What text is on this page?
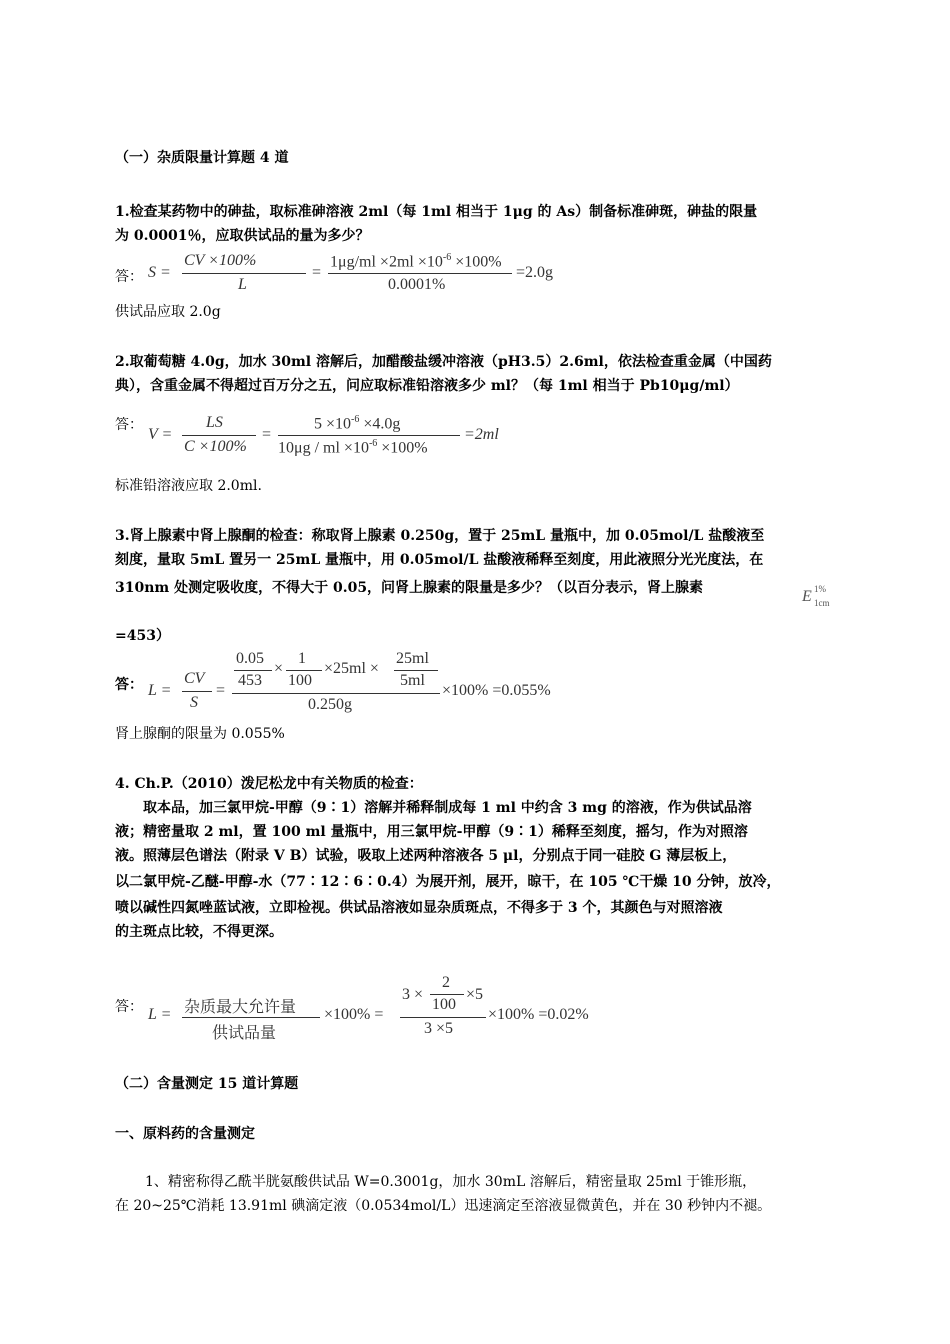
（一）杂质限量计算题 4 道
1.检查某药物中的砷盐，取标准砷溶液 2ml（每 1ml 相当于 1μg 的 As）制备标准砷斑，砷盐的限量
为 0.0001％，应取供试品的量为多少？
答： S =
CV ×100%
L
=
$1\mu g/ml \times 2ml \times 10^{-6} \times 100\%$
0.0001%
=2.0g
供试品应取 2.0g
2.取葡萄糖 4.0g，加水 30ml 溶解后，加醋酸盐缓冲溶液（pH3.5）2.6ml，依法检查重金属（中国药
典），含重金属不得超过百万分之五，问应取标准铅溶液多少 ml？（每 1ml 相当于 Pb10μg/ml）
答：
V =
LS
C ×100%
=
$5 \times 10^{-6} \times 4.0g$
10μg / ml $\times 10^{-6} \times 100\%$
=2ml
标准铅溶液应取 2.0ml.
3.肾上腺素中肾上腺酮的检查：称取肾上腺素 0.250g，置于 25mL 量瓶中，加 0.05mol/L 盐酸液至
刻度，量取 5mL 置另一 25mL 量瓶中，用 0.05mol/L 盐酸液稀释至刻度，用此液照分光光度法，在
310nm 处测定吸收度，不得大于 0.05，问肾上腺素的限量是多少？（以百分表示，肾上腺素	E 1%
1cm
=453）
答： L =
CV
S
=
0.05
453
×
1
100
×25ml ×
25ml
5ml
0.250g
×100% =0.055%
肾上腺酮的限量为 0.055%
4. Ch.P.（2010）泼尼松龙中有关物质的检查：
取本品，加三氯甲烷-甲醇（9∶1）溶解并稀释制成每 1 ml 中约含 3 mg 的溶液，作为供试品溶
液；精密量取 2 ml，置 100 ml 量瓶中，用三氯甲烷-甲醇（9∶1）稀释至刻度，摇匀，作为对照溶
液。照薄层色谱法（附录 V B）试验，吸取上述两种溶液各 5 μl，分别点于同一硅胶 G 薄层板上，
以二氯甲烷-乙醚-甲醇-水（77∶12∶6∶0.4）为展开剂，展开，晾干，在 105 ℃干燥 10 分钟，放冷，
喷以碱性四氮唑蓝试液，立即检视。供试品溶液如显杂质斑点，不得多于 3 个，其颜色与对照溶液
的主斑点比较，不得更深。
答： L = 杂质最大允许量
供试品量
×100% =
3 ×
2
100
×5
3 ×5
×100% =0.02%
（二）含量测定 15 道计算题
一、原料药的含量测定
1、精密称得乙酰半胱氨酸供试品 W=0.3001g，加水 30mL 溶解后，精密量取 25ml 于锥形瓶，
在 20~25℃消耗 13.91ml 碘滴定液（0.0534mol/L）迅速滴定至溶液显微黄色，并在 30 秒钟内不褪。
